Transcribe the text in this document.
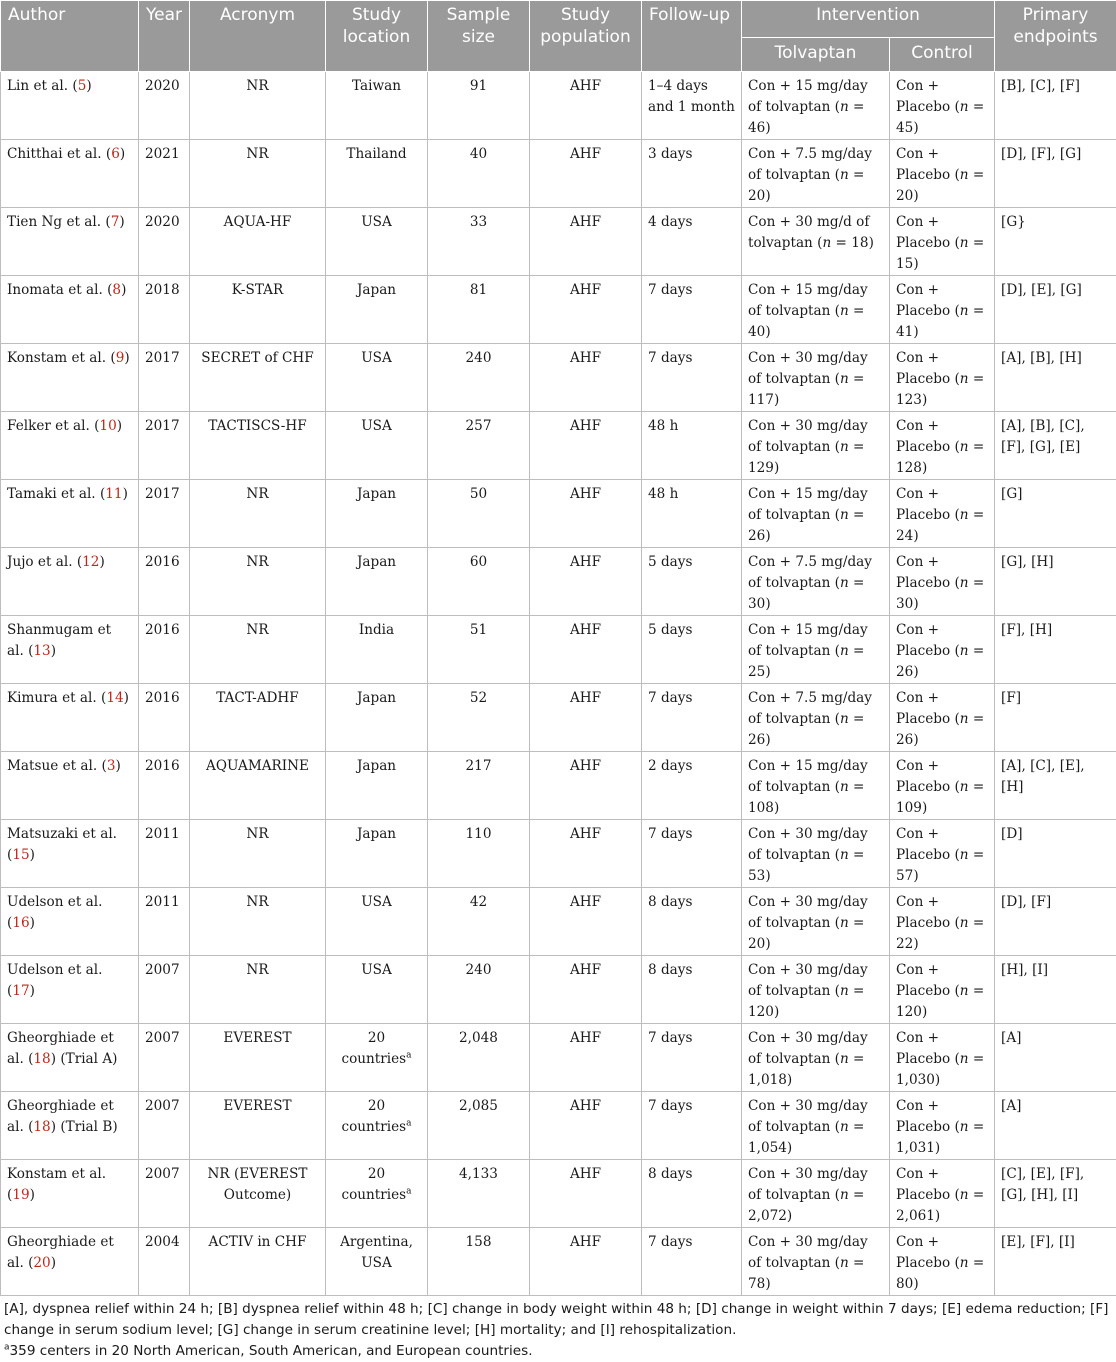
Author	Year	Acronym	Study location	Sample size	Study population	Follow-up	Intervention		Primary endpoints
							Tolvaptan	Control	
Lin et al. (5)	2020	NR	Taiwan	91	AHF	1–4 days and 1 month	Con + 15 mg/day of tolvaptan (n = 46)	Con + Placebo (n = 45)	[B], [C], [F]
Chitthai et al. (6)	2021	NR	Thailand	40	AHF	3 days	Con + 7.5 mg/day of tolvaptan (n = 20)	Con + Placebo (n = 20)	[D], [F], [G]
Tien Ng et al. (7)	2020	AQUA-HF	USA	33	AHF	4 days	Con + 30 mg/d of tolvaptan (n = 18)	Con + Placebo (n = 15)	[G}
Inomata et al. (8)	2018	K-STAR	Japan	81	AHF	7 days	Con + 15 mg/day of tolvaptan (n = 40)	Con + Placebo (n = 41)	[D], [E], [G]
Konstam et al. (9)	2017	SECRET of CHF	USA	240	AHF	7 days	Con + 30 mg/day of tolvaptan (n = 117)	Con + Placebo (n = 123)	[A], [B], [H]
Felker et al. (10)	2017	TACTISCS-HF	USA	257	AHF	48 h	Con + 30 mg/day of tolvaptan (n = 129)	Con + Placebo (n = 128)	[A], [B], [C], [F], [G], [E]
Tamaki et al. (11)	2017	NR	Japan	50	AHF	48 h	Con + 15 mg/day of tolvaptan (n = 26)	Con + Placebo (n = 24)	[G]
Jujo et al. (12)	2016	NR	Japan	60	AHF	5 days	Con + 7.5 mg/day of tolvaptan (n = 30)	Con + Placebo (n = 30)	[G], [H]
Shanmugam et al. (13)	2016	NR	India	51	AHF	5 days	Con + 15 mg/day of tolvaptan (n = 25)	Con + Placebo (n = 26)	[F], [H]
Kimura et al. (14)	2016	TACT-ADHF	Japan	52	AHF	7 days	Con + 7.5 mg/day of tolvaptan (n = 26)	Con + Placebo (n = 26)	[F]
Matsue et al. (3)	2016	AQUAMARINE	Japan	217	AHF	2 days	Con + 15 mg/day of tolvaptan (n = 108)	Con + Placebo (n = 109)	[A], [C], [E], [H]
Matsuzaki et al. (15)	2011	NR	Japan	110	AHF	7 days	Con + 30 mg/day of tolvaptan (n = 53)	Con + Placebo (n = 57)	[D]
Udelson et al. (16)	2011	NR	USA	42	AHF	8 days	Con + 30 mg/day of tolvaptan (n = 20)	Con + Placebo (n = 22)	[D], [F]
Udelson et al. (17)	2007	NR	USA	240	AHF	8 days	Con + 30 mg/day of tolvaptan (n = 120)	Con + Placebo (n = 120)	[H], [I]
Gheorghiade et al. (18) (Trial A)	2007	EVEREST	20 countries$^a$	2,048	AHF	7 days	Con + 30 mg/day of tolvaptan (n = 1,018)	Con + Placebo (n = 1,030)	[A]
Gheorghiade et al. (18) (Trial B)	2007	EVEREST	20 countries$^a$	2,085	AHF	7 days	Con + 30 mg/day of tolvaptan (n = 1,054)	Con + Placebo (n = 1,031)	[A]
Konstam et al. (19)	2007	NR (EVEREST Outcome)	20 countries$^a$	4,133	AHF	8 days	Con + 30 mg/day of tolvaptan (n = 2,072)	Con + Placebo (n = 2,061)	[C], [E], [F], [G], [H], [I]
Gheorghiade et al. (20)	2004	ACTIV in CHF	Argentina, USA	158	AHF	7 days	Con + 30 mg/day of tolvaptan (n = 78)	Con + Placebo (n = 80)	[E], [F], [I]
[A], dyspnea relief within 24 h; [B] dyspnea relief within 48 h; [C] change in body weight within 48 h; [D] change in weight within 7 days; [E] edema reduction; [F] change in serum sodium level; [G] change in serum creatinine level; [H] mortality; and [I] rehospitalization.
$^a$359 centers in 20 North American, South American, and European countries.
